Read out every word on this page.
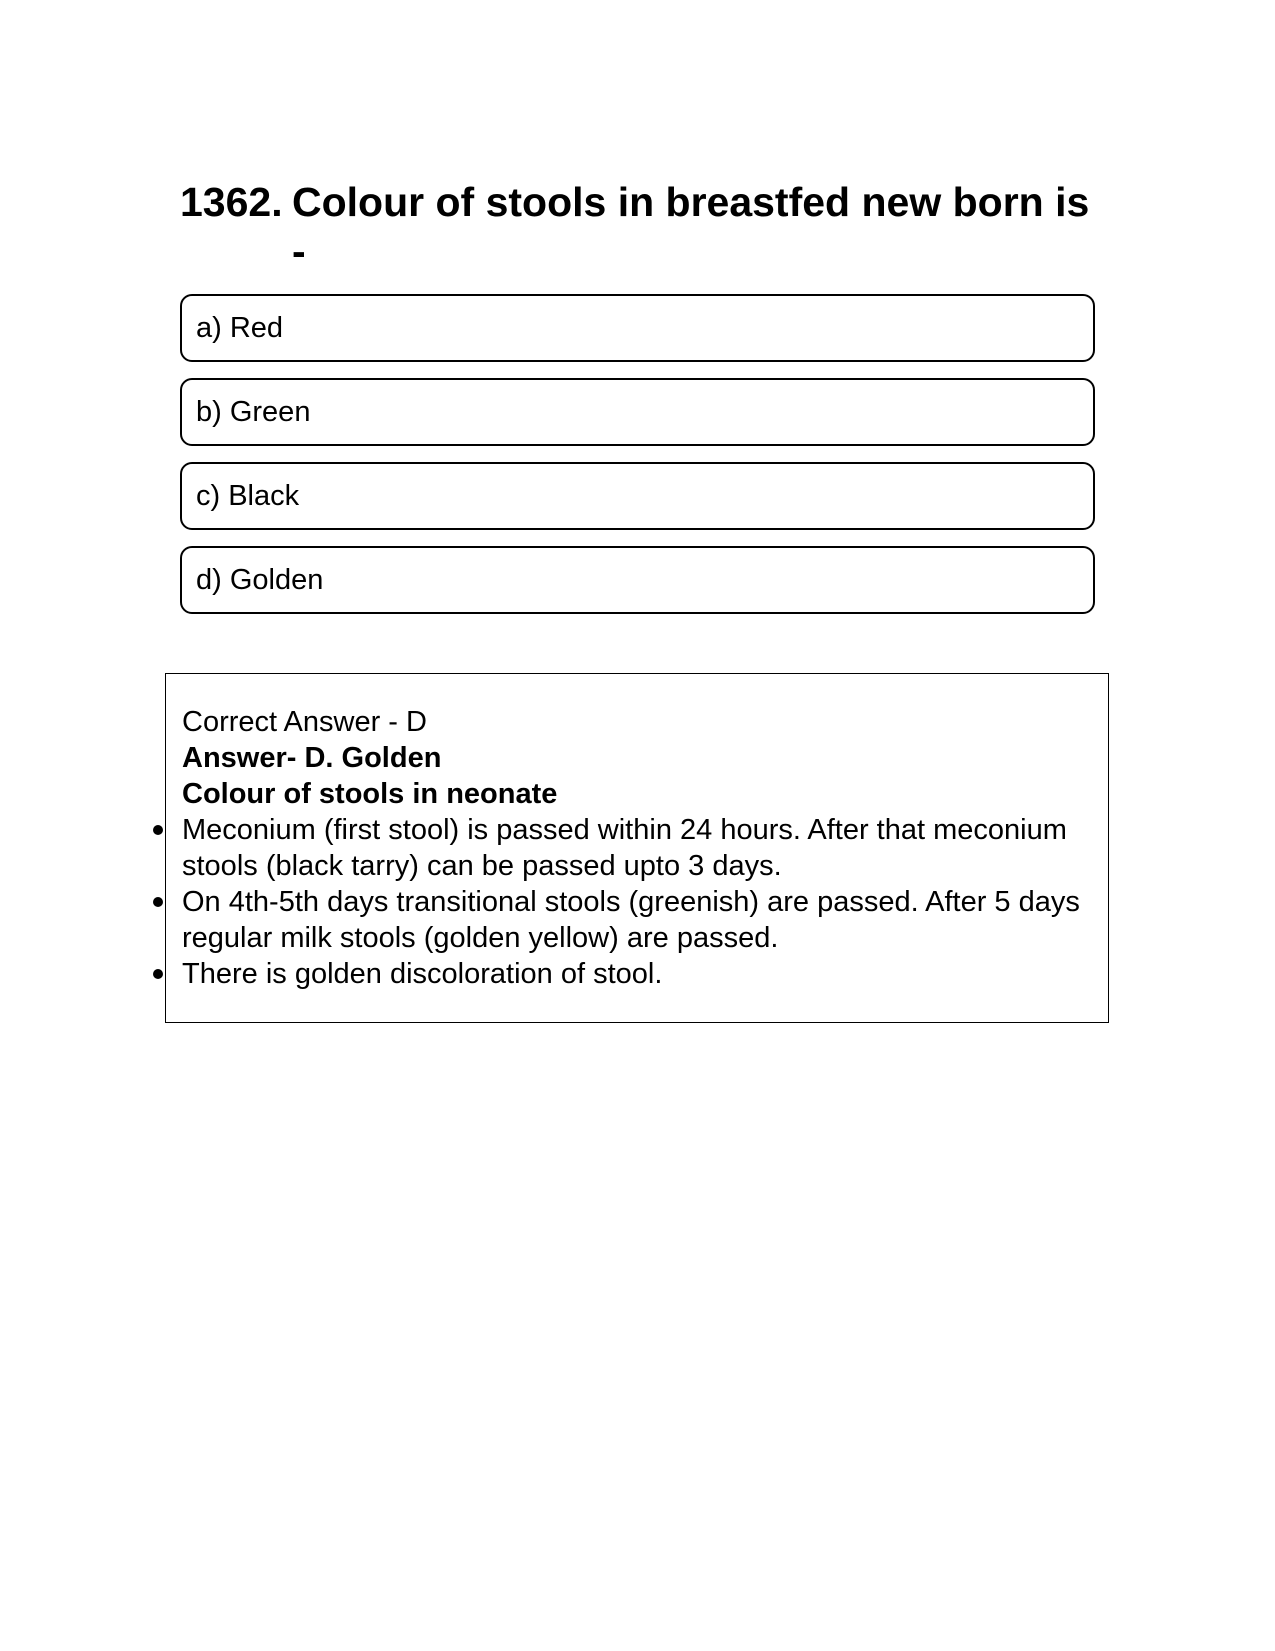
1362. Colour of stools in breastfed new born is -
a) Red
b) Green
c) Black
d) Golden
Correct Answer - D
Answer- D. Golden
Colour of stools in neonate
Meconium (first stool) is passed within 24 hours. After that meconium stools (black tarry) can be passed upto 3 days.
On 4th-5th days transitional stools (greenish) are passed. After 5 days regular milk stools (golden yellow) are passed.
There is golden discoloration of stool.
